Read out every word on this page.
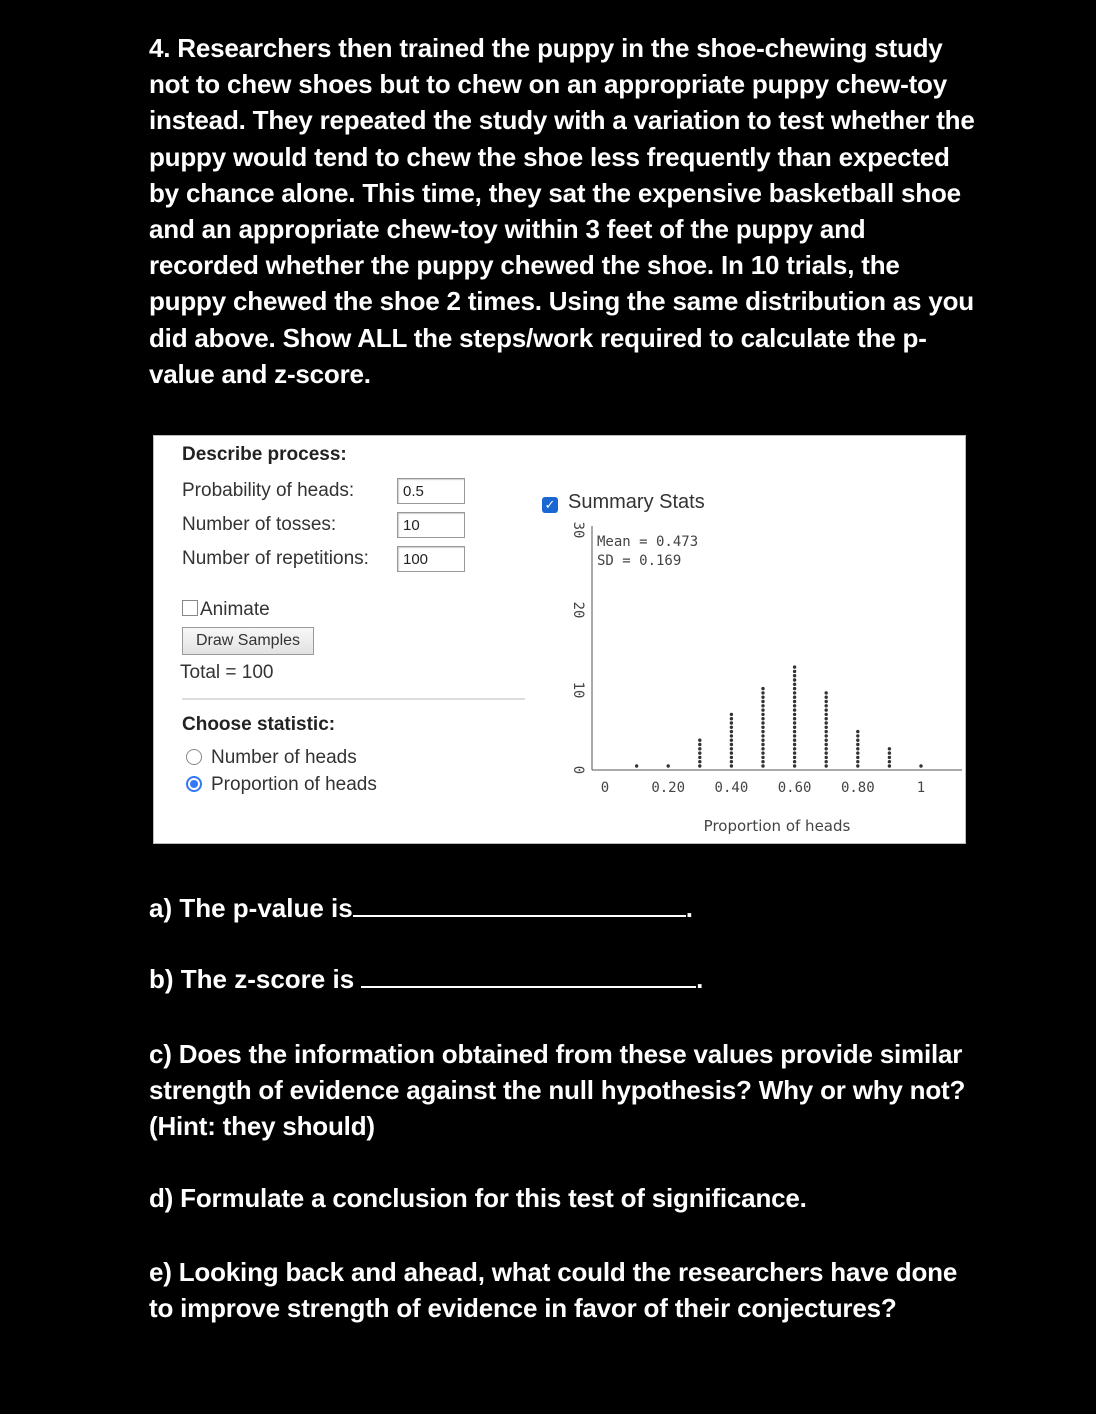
4. Researchers then trained the puppy in the shoe-chewing study not to chew shoes but to chew on an appropriate puppy chew-toy instead. They repeated the study with a variation to test whether the puppy would tend to chew the shoe less frequently than expected by chance alone. This time, they sat the expensive basketball shoe and an appropriate chew-toy within 3 feet of the puppy and recorded whether the puppy chewed the shoe. In 10 trials, the puppy chewed the shoe 2 times. Using the same distribution as you did above. Show ALL the steps/work required to calculate the p-value and z-score.
Describe process:
Probability of heads:	0.5
Number of tosses:	10
Number of repetitions:	100
Animate
Draw Samples
Total = 100
Choose statistic:
Number of heads
Proportion of heads
✓ Summary Stats
0
10
20
30
Mean = 0.473
SD = 0.169
0	0.20 0.40 0.60 0.80	1
Proportion of heads
a) The p-value is	.
b) The z-score is	.
c) Does the information obtained from these values provide similar strength of evidence against the null hypothesis? Why or why not? (Hint: they should)
d) Formulate a conclusion for this test of significance.
e) Looking back and ahead, what could the researchers have done to improve strength of evidence in favor of their conjectures?
